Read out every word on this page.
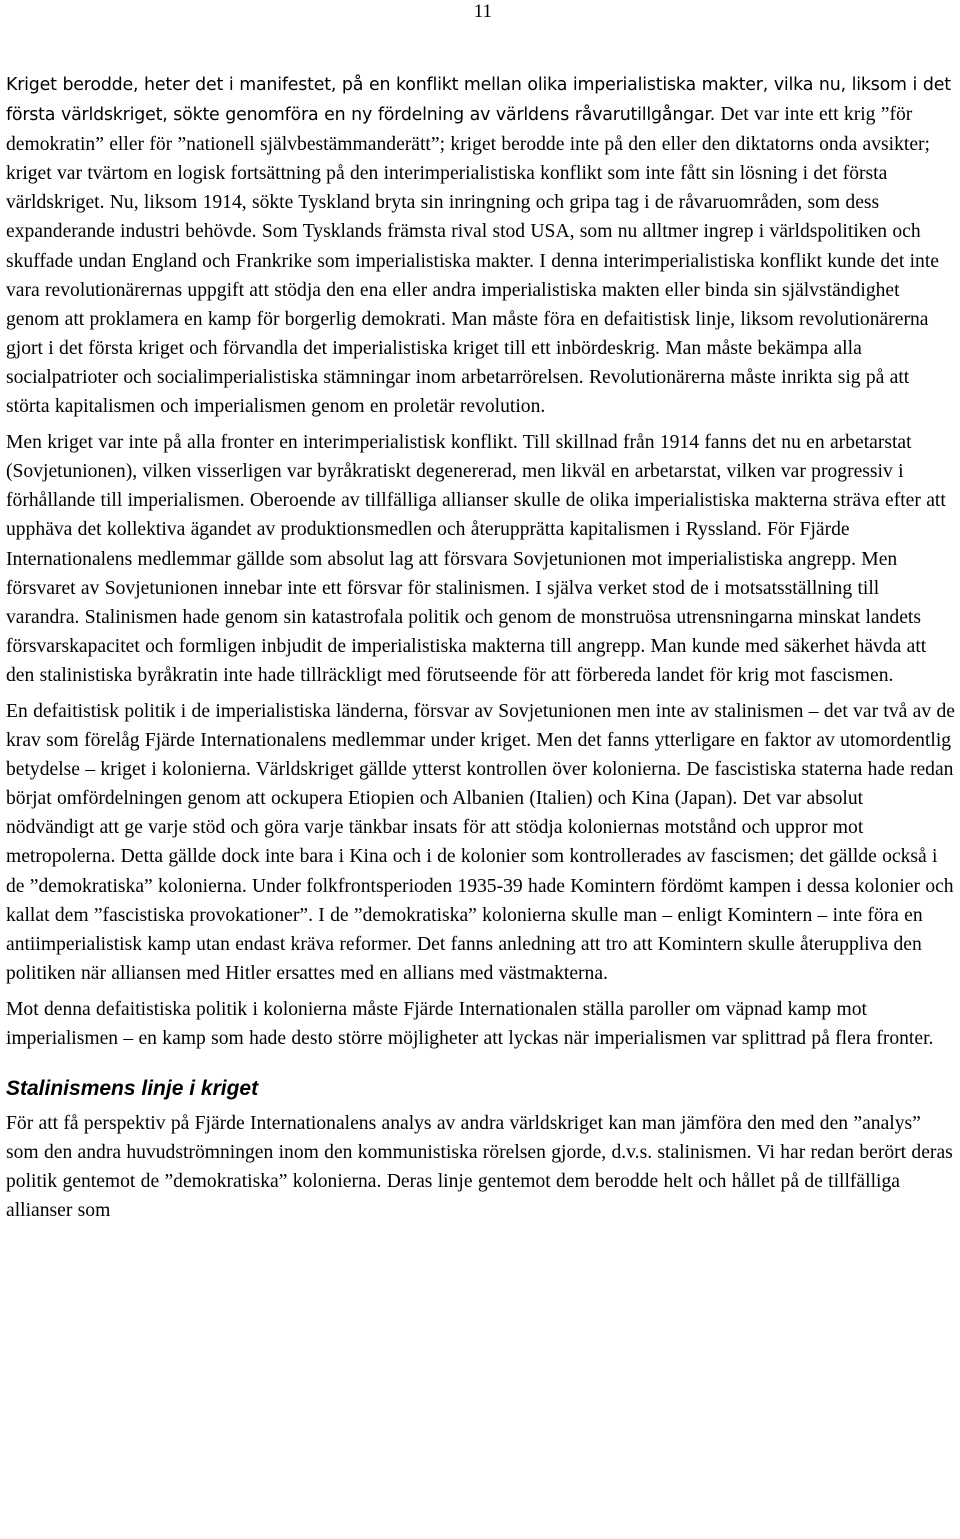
11

Kriget berodde, heter det i manifestet, på en konflikt mellan olika imperialistiska makter, vilka nu, liksom i det första världskriget, sökte genomföra en ny fördelning av världens råvarutillgångar. Det var inte ett krig ”för demokratin” eller för ”nationell självbestämmanderätt”; kriget berodde inte på den eller den diktatorns onda avsikter; kriget var tvärtom en logisk fortsättning på den interimperialistiska konflikt som inte fått sin lösning i det första världskriget. Nu, liksom 1914, sökte Tyskland bryta sin inringning och gripa tag i de råvaruområden, som dess expanderande industri behövde. Som Tysklands främsta rival stod USA, som nu alltmer ingrep i världspolitiken och skuffade undan England och Frankrike som imperialistiska makter. I denna interimperialistiska konflikt kunde det inte vara revolutionärernas uppgift att stödja den ena eller andra imperialistiska makten eller binda sin självständighet genom att proklamera en kamp för borgerlig demokrati. Man måste föra en defaitistisk linje, liksom revolutionärerna gjort i det första kriget och förvandla det imperialistiska kriget till ett inbördeskrig. Man måste bekämpa alla socialpatrioter och socialimperialistiska stämningar inom arbetarrörelsen. Revolutionärerna måste inrikta sig på att störta kapitalismen och imperialismen genom en proletär revolution.

Men kriget var inte på alla fronter en interimperialistisk konflikt. Till skillnad från 1914 fanns det nu en arbetarstat (Sovjetunionen), vilken visserligen var byråkratiskt degenererad, men likväl en arbetarstat, vilken var progressiv i förhållande till imperialismen. Oberoende av tillfälliga allianser skulle de olika imperialistiska makterna sträva efter att upphäva det kollektiva ägandet av produktionsmedlen och återupprätta kapitalismen i Ryssland. För Fjärde Internationalens medlemmar gällde som absolut lag att försvara Sovjetunionen mot imperialistiska angrepp. Men försvaret av Sovjetunionen innebar inte ett försvar för stalinismen. I själva verket stod de i motsatsställning till varandra. Stalinismen hade genom sin katastrofala politik och genom de monstruösa utrensningarna minskat landets försvarskapacitet och formligen inbjudit de imperialistiska makterna till angrepp. Man kunde med säkerhet hävda att den stalinistiska byråkratin inte hade tillräckligt med förutseende för att förbereda landet för krig mot fascismen.

En defaitistisk politik i de imperialistiska länderna, försvar av Sovjetunionen men inte av stalinismen – det var två av de krav som förelåg Fjärde Internationalens medlemmar under kriget. Men det fanns ytterligare en faktor av utomordentlig betydelse – kriget i kolonierna. Världskriget gällde ytterst kontrollen över kolonierna. De fascistiska staterna hade redan börjat omfördelningen genom att ockupera Etiopien och Albanien (Italien) och Kina (Japan). Det var absolut nödvändigt att ge varje stöd och göra varje tänkbar insats för att stödja koloniernas motstånd och uppror mot metropolerna. Detta gällde dock inte bara i Kina och i de kolonier som kontrollerades av fascismen; det gällde också i de ”demokratiska” kolonierna. Under folkfrontsperioden 1935-39 hade Komintern fördömt kampen i dessa kolonier och kallat dem ”fascistiska provokationer”. I de ”demokratiska” kolonierna skulle man – enligt Komintern – inte föra en antiimperialistisk kamp utan endast kräva reformer. Det fanns anledning att tro att Komintern skulle återuppliva den politiken när alliansen med Hitler ersattes med en allians med västmakterna.

Mot denna defaitistiska politik i kolonierna måste Fjärde Internationalen ställa paroller om väpnad kamp mot imperialismen – en kamp som hade desto större möjligheter att lyckas när imperialismen var splittrad på flera fronter.

Stalinismens linje i kriget

För att få perspektiv på Fjärde Internationalens analys av andra världskriget kan man jämföra den med den ”analys” som den andra huvudströmningen inom den kommunistiska rörelsen gjorde, d.v.s. stalinismen. Vi har redan berört deras politik gentemot de ”demokratiska” kolonierna. Deras linje gentemot dem berodde helt och hållet på de tillfälliga allianser som
